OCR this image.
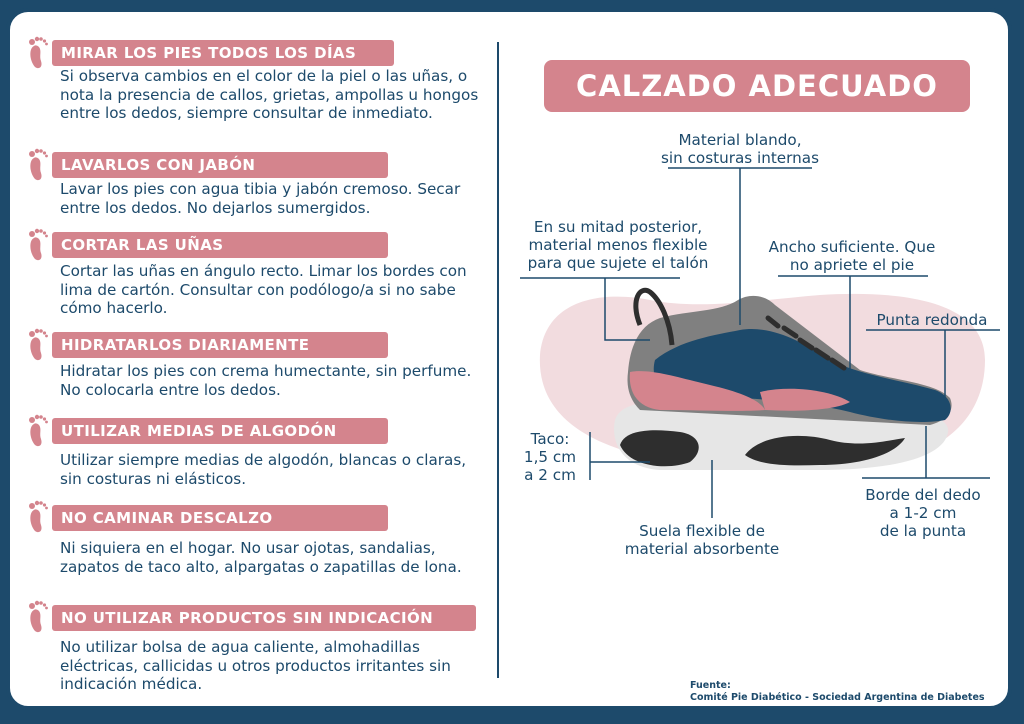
MIRAR LOS PIES TODOS LOS DÍAS
Si observa cambios en el color de la piel o las uñas, o nota la presencia de callos, grietas, ampollas u hongos entre los dedos, siempre consultar de inmediato.
LAVARLOS CON JABÓN
Lavar los pies con agua tibia y jabón cremoso. Secar entre los dedos. No dejarlos sumergidos.
CORTAR LAS UÑAS
Cortar las uñas en ángulo recto. Limar los bordes con lima de cartón. Consultar con podólogo/a si no sabe cómo hacerlo.
HIDRATARLOS DIARIAMENTE
Hidratar los pies con crema humectante, sin perfume. No colocarla entre los dedos.
UTILIZAR MEDIAS DE ALGODÓN
Utilizar siempre medias de algodón, blancas o claras, sin costuras ni elásticos.
NO CAMINAR DESCALZO
Ni siquiera en el hogar. No usar ojotas, sandalias, zapatos de taco alto, alpargatas o zapatillas de lona.
NO UTILIZAR PRODUCTOS SIN INDICACIÓN
No utilizar bolsa de agua caliente, almohadillas eléctricas, callicidas u otros productos irritantes sin indicación médica.
CALZADO ADECUADO
Material blando,
sin costuras internas
En su mitad posterior,
material menos flexible
para que sujete el talón
Ancho suficiente. Que
no apriete el pie
Punta redonda
Taco:
1,5 cm
a 2 cm
Suela flexible de
material absorbente
Borde del dedo
a 1-2 cm
de la punta
Fuente:
Comité Pie Diabético - Sociedad Argentina de Diabetes
